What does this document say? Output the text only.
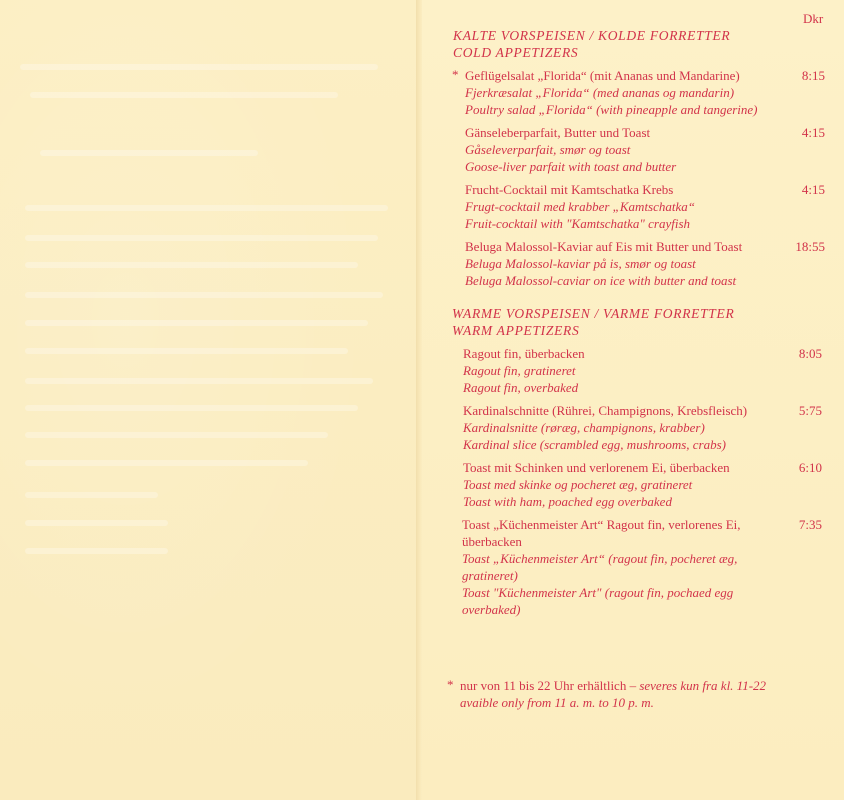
Dkr
KALTE VORSPEISEN / KOLDE FORRETTER
COLD APPETIZERS
* Geflügelsalat „Florida“ (mit Ananas und Mandarine)
Fjerkræsalat „Florida“ (med ananas og mandarin)
Poultry salad „Florida“ (with pineapple and tangerine)
8:15
Gänseleberparfait, Butter und Toast
Gåseleverparfait, smør og toast
Goose-liver parfait with toast and butter
4:15
Frucht-Cocktail mit Kamtschatka Krebs
Frugt-cocktail med krabber „Kamtschatka“
Fruit-cocktail with "Kamtschatka" crayfish
4:15
Beluga Malossol-Kaviar auf Eis mit Butter und Toast
Beluga Malossol-kaviar på is, smør og toast
Beluga Malossol-caviar on ice with butter and toast
18:55
WARME VORSPEISEN / VARME FORRETTER
WARM APPETIZERS
Ragout fin, überbacken
Ragout fin, gratineret
Ragout fin, overbaked
8:05
Kardinalschnitte (Rührei, Champignons, Krebsfleisch)
Kardinalsnitte (røræg, champignons, krabber)
Kardinal slice (scrambled egg, mushrooms, crabs)
5:75
Toast mit Schinken und verlorenem Ei, überbacken
Toast med skinke og pocheret æg, gratineret
Toast with ham, poached egg overbaked
6:10
Toast „Küchenmeister Art“ Ragout fin, verlorenes Ei,
überbacken
Toast „Küchenmeister Art“ (ragout fin, pocheret æg,
gratineret)
Toast "Küchenmeister Art" (ragout fin, pochaed egg
overbaked)
7:35
* nur von 11 bis 22 Uhr erhältlich – severes kun fra kl. 11-22
avaible only from 11 a. m. to 10 p. m.
